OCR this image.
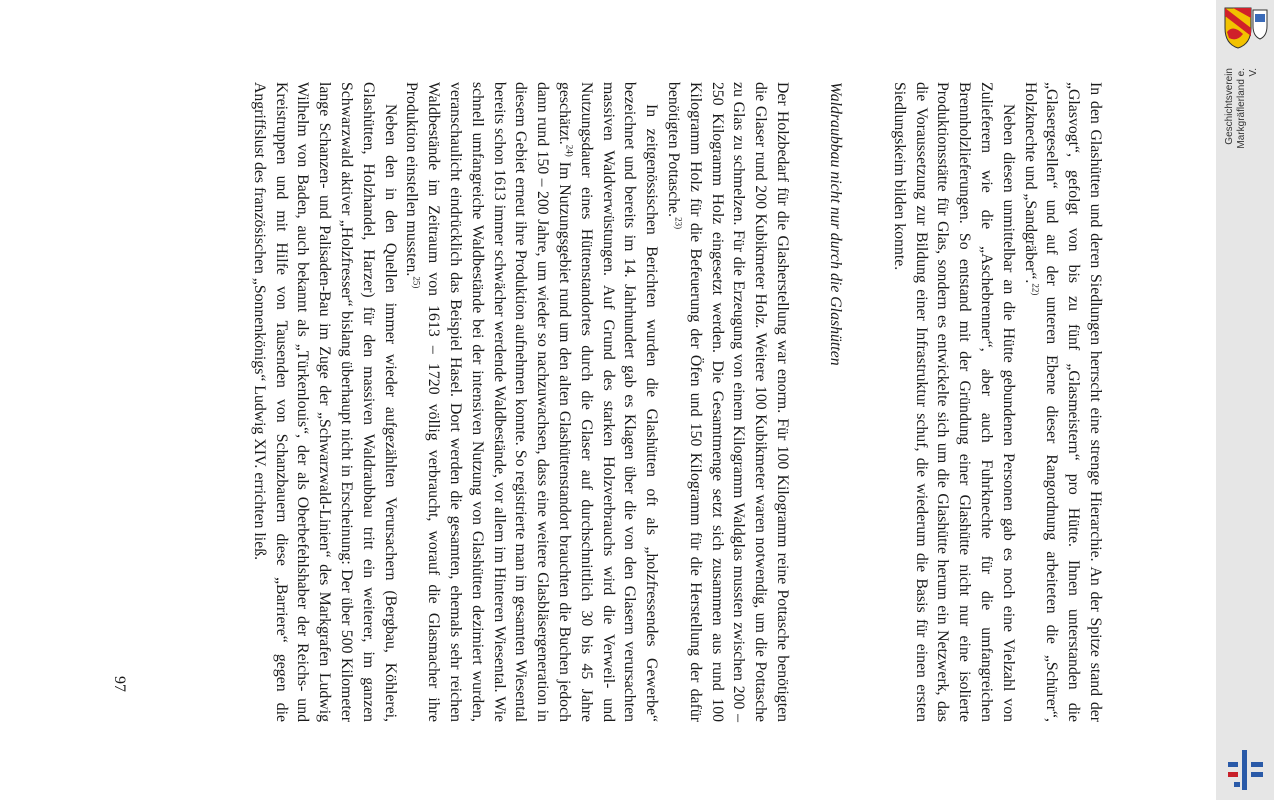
In den Glashütten und deren Siedlungen herrscht eine strenge Hierarchie. An der Spitze stand der „Glasvogt“, gefolgt von bis zu fünf „Glasmeistern“ pro Hütte. Ihnen unterstanden die „Glasergesellen“ und auf der unteren Ebene dieser Rangordnung arbeiteten die „Schürer“, Holzknechte und „Sandgräber“.$^{22)}$

Neben diesen unmittelbar an die Hütte gebundenen Personen gab es noch eine Vielzahl von Zulieferern wie die „Aschebrenner“, aber auch Fuhrknechte für die umfangreichen Brennholzlieferungen. So entstand mit der Gründung einer Glashütte nicht nur eine isolierte Produktionsstätte für Glas, sondern es entwickelte sich um die Glashütte herum ein Netzwerk, das die Voraussetzung zur Bildung einer Infrastruktur schuf, die wiederum die Basis für einen ersten Siedlungskeim bilden konnte.

Waldraubbau nicht nur durch die Glashütten

Der Holzbedarf für die Glasherstellung war enorm. Für 100 Kilogramm reine Pottasche benötigten die Glaser rund 200 Kubikmeter Holz. Weitere 100 Kubikmeter waren notwendig, um die Pottasche zu Glas zu schmelzen. Für die Erzeugung von einem Kilogramm Waldglas mussten zwischen 200 – 250 Kilogramm Holz eingesetzt werden. Die Gesamtmenge setzt sich zusammen aus rund 100 Kilogramm Holz für die Befeuerung der Öfen und 150 Kilogramm für die Herstellung der dafür benötigten Pottasche.$^{23)}$

In zeitgenössischen Berichten wurden die Glashütten oft als „holzfressendes Gewerbe“ bezeichnet und bereits im 14. Jahrhundert gab es Klagen über die von den Glasern verursachten massiven Waldverwüstungen. Auf Grund des starken Holzverbrauchs wird die Verweil- und Nutzungsdauer eines Hüttenstandortes durch die Glaser auf durchschnittlich 30 bis 45 Jahre geschätzt.$^{24)}$ Im Nutzungsgebiet rund um den alten Glashüttenstandort brauchten die Buchen jedoch dann rund 150 – 200 Jahre, um wieder so nachzuwachsen, dass eine weitere Glasbläsergeneration in diesem Gebiet erneut ihre Produktion aufnehmen konnte. So registrierte man im gesamten Wiesental bereits schon 1613 immer schwächer werdende Waldbestände, vor allem im Hinteren Wiesental. Wie schnell umfangreiche Waldbestände bei der intensiven Nutzung von Glashütten dezimiert wurden, veranschaulicht eindrücklich das Beispiel Hasel. Dort werden die gesamten, ehemals sehr reichen Waldbestände im Zeitraum von 1613 – 1720 völlig verbraucht, worauf die Glasmacher ihre Produktion einstellen mussten.$^{25)}$

Neben den in den Quellen immer wieder aufgezählten Verursachern (Bergbau, Köhlerei, Glashütten, Holzhandel, Harzer) für den massiven Waldraubbau tritt ein weiterer, im ganzen Schwarzwald aktiver „Holzfresser“ bislang überhaupt nicht in Erscheinung: Der über 500 Kilometer lange Schanzen- und Palisaden-Bau im Zuge der „Schwarzwald-Linien“ des Markgrafen Ludwig Wilhelm von Baden, auch bekannt als „Türkenlouis“, der als Oberbefehlshaber der Reichs- und Kreistruppen und mit Hilfe von Tausenden von Schanzbauern diese „Barriere“ gegen die Angriffslust des französischen „Sonnenkönigs“ Ludwig XIV. errichten ließ.

97
Geschichtsverein Markgräflerland e. V.
